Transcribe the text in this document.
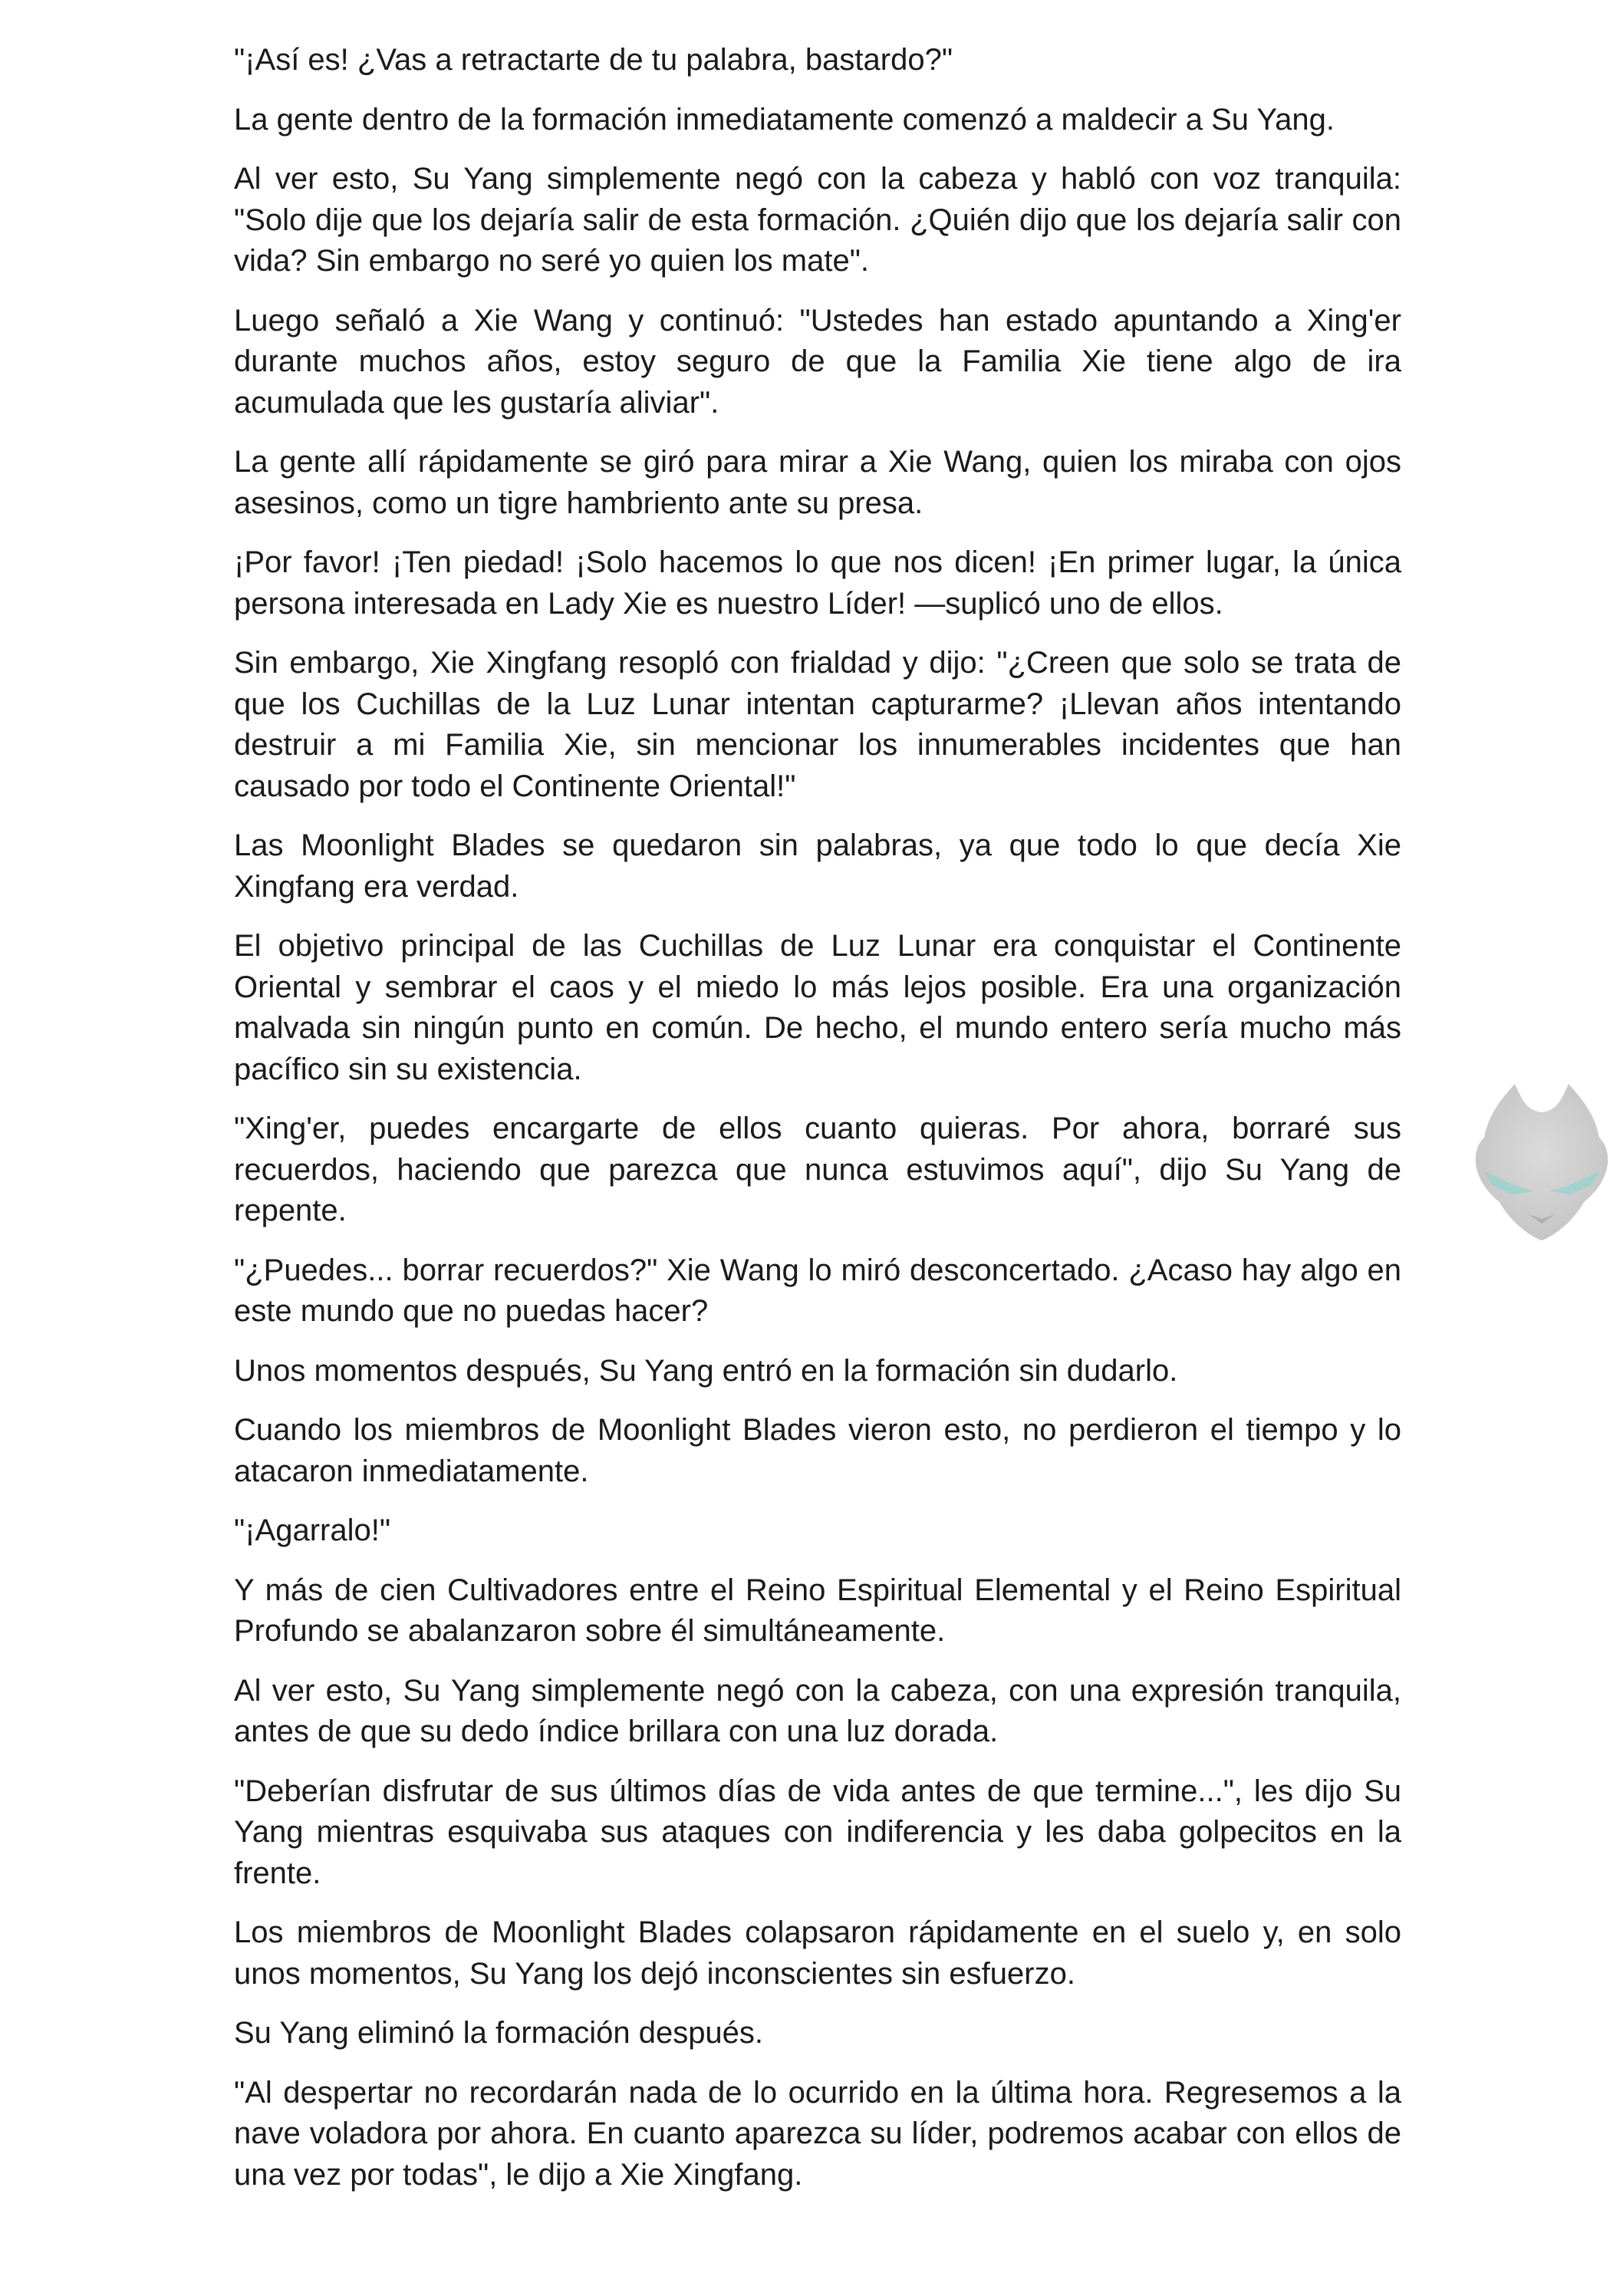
"¡Así es! ¿Vas a retractarte de tu palabra, bastardo?"

La gente dentro de la formación inmediatamente comenzó a maldecir a Su Yang.

Al ver esto, Su Yang simplemente negó con la cabeza y habló con voz tranquila: "Solo dije que los dejaría salir de esta formación. ¿Quién dijo que los dejaría salir con vida? Sin embargo no seré yo quien los mate".

Luego señaló a Xie Wang y continuó: "Ustedes han estado apuntando a Xing'er durante muchos años, estoy seguro de que la Familia Xie tiene algo de ira acumulada que les gustaría aliviar".

La gente allí rápidamente se giró para mirar a Xie Wang, quien los miraba con ojos asesinos, como un tigre hambriento ante su presa.

¡Por favor! ¡Ten piedad! ¡Solo hacemos lo que nos dicen! ¡En primer lugar, la única persona interesada en Lady Xie es nuestro Líder! —suplicó uno de ellos.

Sin embargo, Xie Xingfang resopló con frialdad y dijo: "¿Creen que solo se trata de que los Cuchillas de la Luz Lunar intentan capturarme? ¡Llevan años intentando destruir a mi Familia Xie, sin mencionar los innumerables incidentes que han causado por todo el Continente Oriental!"

Las Moonlight Blades se quedaron sin palabras, ya que todo lo que decía Xie Xingfang era verdad.

El objetivo principal de las Cuchillas de Luz Lunar era conquistar el Continente Oriental y sembrar el caos y el miedo lo más lejos posible. Era una organización malvada sin ningún punto en común. De hecho, el mundo entero sería mucho más pacífico sin su existencia.

"Xing'er, puedes encargarte de ellos cuanto quieras. Por ahora, borraré sus recuerdos, haciendo que parezca que nunca estuvimos aquí", dijo Su Yang de repente.

"¿Puedes... borrar recuerdos?" Xie Wang lo miró desconcertado. ¿Acaso hay algo en este mundo que no puedas hacer?

Unos momentos después, Su Yang entró en la formación sin dudarlo.

Cuando los miembros de Moonlight Blades vieron esto, no perdieron el tiempo y lo atacaron inmediatamente.

"¡Agarralo!"

Y más de cien Cultivadores entre el Reino Espiritual Elemental y el Reino Espiritual Profundo se abalanzaron sobre él simultáneamente.

Al ver esto, Su Yang simplemente negó con la cabeza, con una expresión tranquila, antes de que su dedo índice brillara con una luz dorada.

"Deberían disfrutar de sus últimos días de vida antes de que termine...", les dijo Su Yang mientras esquivaba sus ataques con indiferencia y les daba golpecitos en la frente.

Los miembros de Moonlight Blades colapsaron rápidamente en el suelo y, en solo unos momentos, Su Yang los dejó inconscientes sin esfuerzo.

Su Yang eliminó la formación después.

"Al despertar no recordarán nada de lo ocurrido en la última hora. Regresemos a la nave voladora por ahora. En cuanto aparezca su líder, podremos acabar con ellos de una vez por todas", le dijo a Xie Xingfang.
